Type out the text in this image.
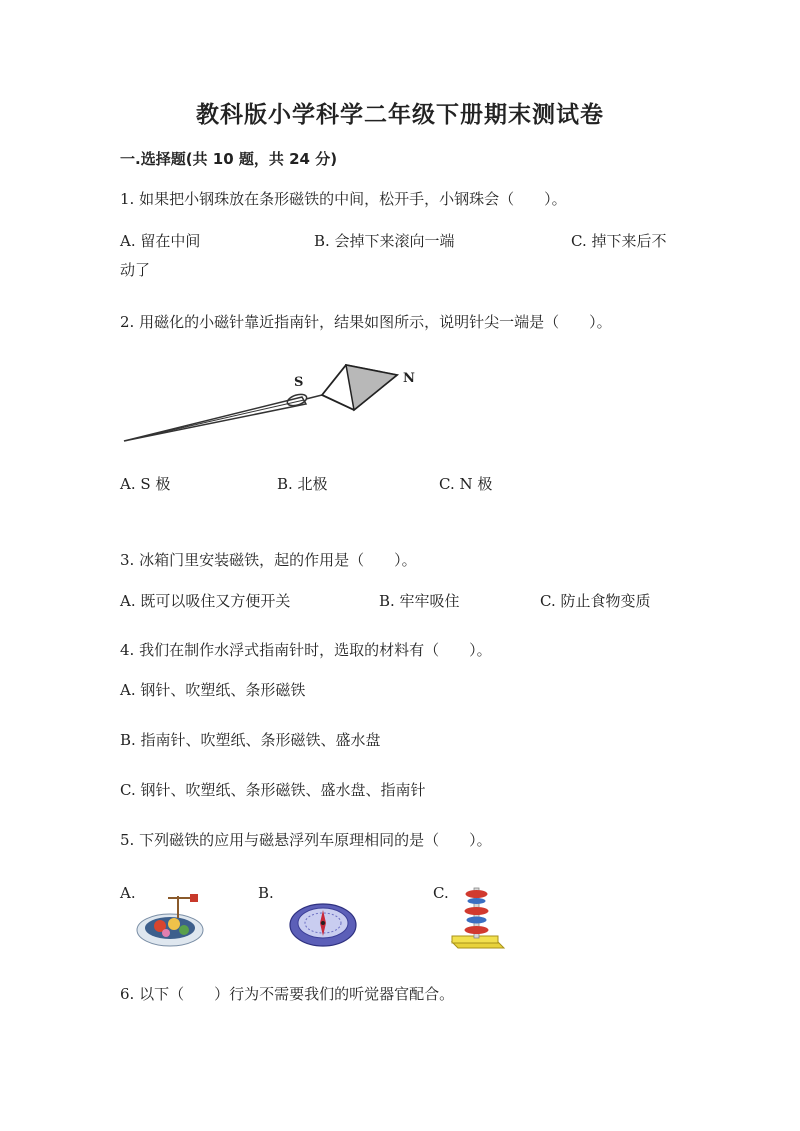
教科版小学科学二年级下册期末测试卷
一.选择题(共 10 题，共 24 分)
1. 如果把小钢珠放在条形磁铁的中间，松开手，小钢珠会（　　）。
A. 留在中间	B. 会掉下来滚向一端	C. 掉下来后不
动了
2. 用磁化的小磁针靠近指南针，结果如图所示，说明针尖一端是（　　）。
S	N
A. S 极	B. 北极	C. N 极
3. 冰箱门里安装磁铁，起的作用是（　　）。
A. 既可以吸住又方便开关	B. 牢牢吸住	C. 防止食物变质
4. 我们在制作水浮式指南针时，选取的材料有（　　）。
A. 钢针、吹塑纸、条形磁铁
B. 指南针、吹塑纸、条形磁铁、盛水盘
C. 钢针、吹塑纸、条形磁铁、盛水盘、指南针
5. 下列磁铁的应用与磁悬浮列车原理相同的是（　　）。
A.	B.	C.
6. 以下（　　）行为不需要我们的听觉器官配合。
